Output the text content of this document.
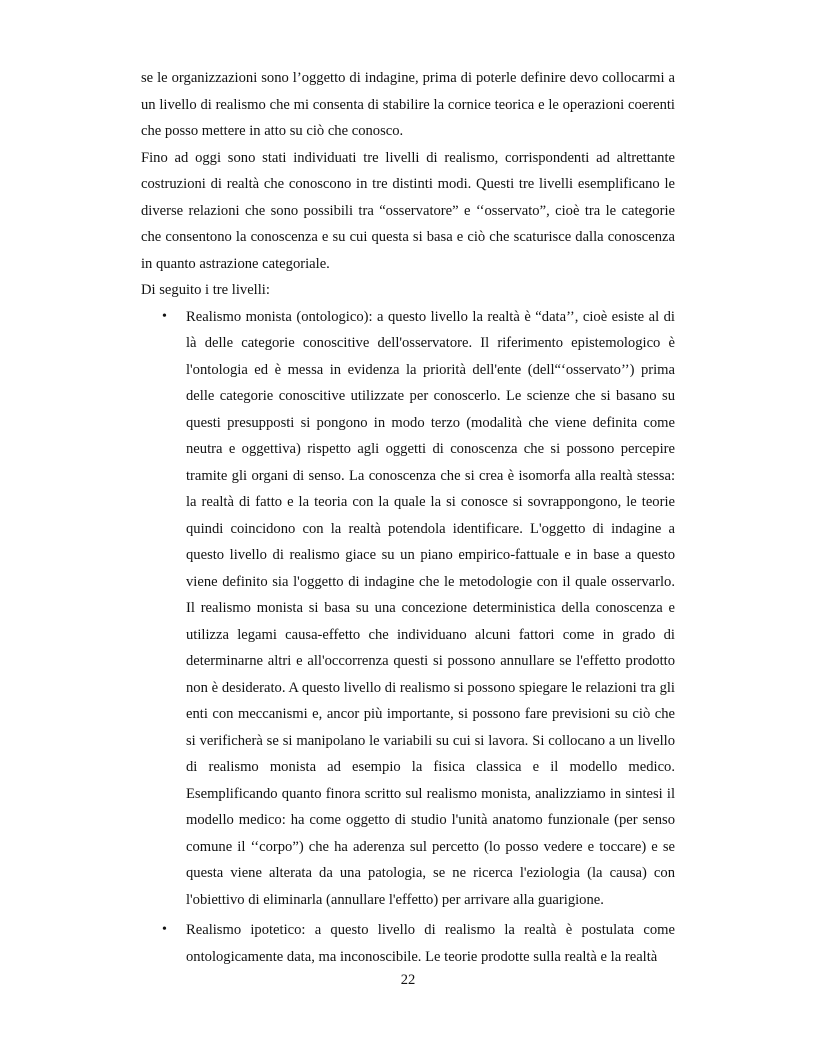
se le organizzazioni sono l’oggetto di indagine, prima di poterle definire devo collocarmi a un livello di realismo che mi consenta di stabilire la cornice teorica e le operazioni coerenti che posso mettere in atto su ciò che conosco.

Fino ad oggi sono stati individuati tre livelli di realismo, corrispondenti ad altrettante costruzioni di realtà che conoscono in tre distinti modi. Questi tre livelli esemplificano le diverse relazioni che sono possibili tra “osservatore” e ‘‘osservato”, cioè tra le categorie che consentono la conoscenza e su cui questa si basa e ciò che scaturisce dalla conoscenza in quanto astrazione categoriale.

Di seguito i tre livelli:

• Realismo monista (ontologico): a questo livello la realtà è “data’’, cioè esiste al di là delle categorie conoscitive dell'osservatore. Il riferimento epistemologico è l'ontologia ed è messa in evidenza la priorità dell'ente (dell“‘osservato’’) prima delle categorie conoscitive utilizzate per conoscerlo. Le scienze che si basano su questi presupposti si pongono in modo terzo (modalità che viene definita come neutra e oggettiva) rispetto agli oggetti di conoscenza che si possono percepire tramite gli organi di senso. La conoscenza che si crea è isomorfa alla realtà stessa: la realtà di fatto e la teoria con la quale la si conosce si sovrappongono, le teorie quindi coincidono con la realtà potendola identificare. L'oggetto di indagine a questo livello di realismo giace su un piano empirico-fattuale e in base a questo viene definito sia l'oggetto di indagine che le metodologie con il quale osservarlo. Il realismo monista si basa su una concezione deterministica della conoscenza e utilizza legami causa-effetto che individuano alcuni fattori come in grado di determinarne altri e all'occorrenza questi si possono annullare se l'effetto prodotto non è desiderato. A questo livello di realismo si possono spiegare le relazioni tra gli enti con meccanismi e, ancor più importante, si possono fare previsioni su ciò che si verificherà se si manipolano le variabili su cui si lavora. Si collocano a un livello di realismo monista ad esempio la fisica classica e il modello medico. Esemplificando quanto finora scritto sul realismo monista, analizziamo in sintesi il modello medico: ha come oggetto di studio l'unità anatomo funzionale (per senso comune il ‘‘corpo”) che ha aderenza sul percetto (lo posso vedere e toccare) e se questa viene alterata da una patologia, se ne ricerca l'eziologia (la causa) con l'obiettivo di eliminarla (annullare l'effetto) per arrivare alla guarigione.
• Realismo ipotetico: a questo livello di realismo la realtà è postulata come ontologicamente data, ma inconoscibile. Le teorie prodotte sulla realtà e la realtà
22
